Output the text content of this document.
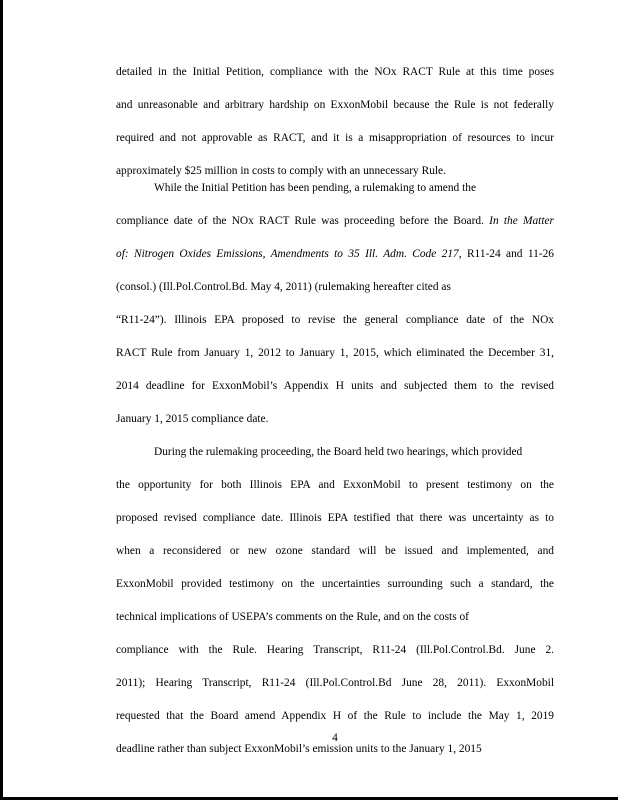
detailed in the Initial Petition, compliance with the NOx RACT Rule at this time poses
and unreasonable and arbitrary hardship on ExxonMobil because the Rule is not federally
required and not approvable as RACT, and it is a misappropriation of resources to incur
approximately $25 million in costs to comply with an unnecessary Rule.
While the Initial Petition has been pending, a rulemaking to amend the
compliance date of the NOx RACT Rule was proceeding before the Board. In the Matter
of: Nitrogen Oxides Emissions, Amendments to 35 Ill. Adm. Code 217, R11-24 and 11-26
(consol.) (Ill.Pol.Control.Bd. May 4, 2011) (rulemaking hereafter cited as
“R11-24”). Illinois EPA proposed to revise the general compliance date of the NOx
RACT Rule from January 1, 2012 to January 1, 2015, which eliminated the December 31,
2014 deadline for ExxonMobil’s Appendix H units and subjected them to the revised
January 1, 2015 compliance date.
During the rulemaking proceeding, the Board held two hearings, which provided
the opportunity for both Illinois EPA and ExxonMobil to present testimony on the
proposed revised compliance date. Illinois EPA testified that there was uncertainty as to
when a reconsidered or new ozone standard will be issued and implemented, and
ExxonMobil provided testimony on the uncertainties surrounding such a standard, the
technical implications of USEPA’s comments on the Rule, and on the costs of
compliance with the Rule. Hearing Transcript, R11-24 (Ill.Pol.Control.Bd. June 2.
2011); Hearing Transcript, R11-24 (Ill.Pol.Control.Bd June 28, 2011). ExxonMobil
requested that the Board amend Appendix H of the Rule to include the May 1, 2019
deadline rather than subject ExxonMobil’s emission units to the January 1, 2015
4
